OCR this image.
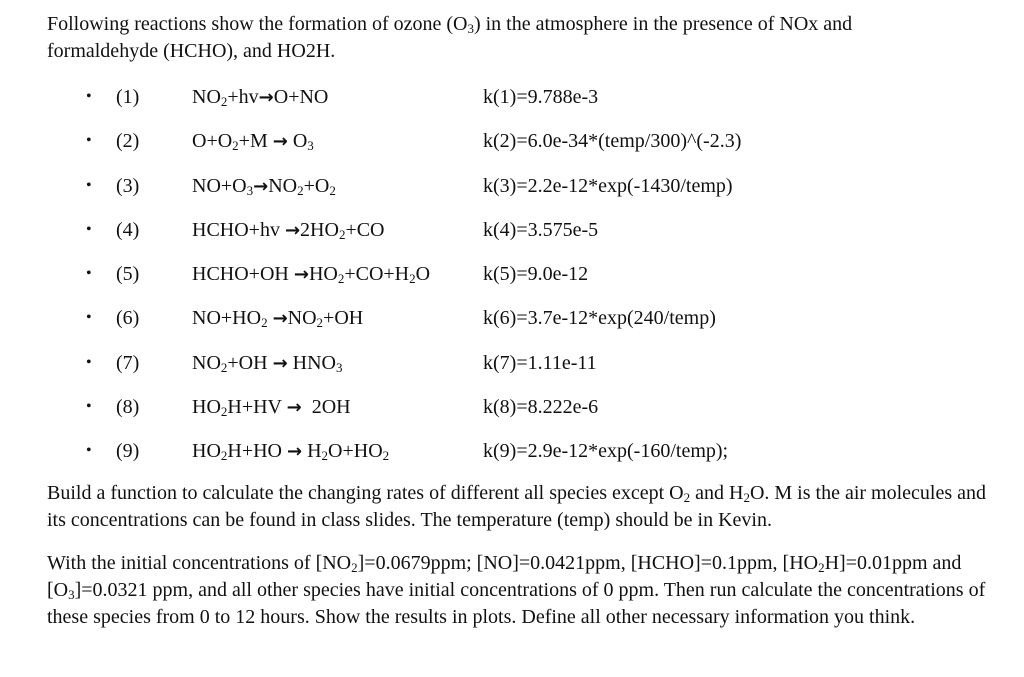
Following reactions show the formation of ozone $(O_3)$ in the atmosphere in the presence of NOx and
formaldehyde (HCHO), and HO2H.

• (1)	$NO_2+hv\to O+NO$	k(1)=9.788e-3
• (2)	$O+O_2+M \to O_3$	k(2)=6.0e-34*(temp/300)^(-2.3)
• (3)	$NO+O_3\to NO_2+O_2$	k(3)=2.2e-12*exp(-1430/temp)
• (4)	HCHO+hv $\to 2HO_2+CO$	k(4)=3.575e-5
• (5)	HCHO+OH $\to HO_2+CO+H_2O$	k(5)=9.0e-12
• (6)	$NO+HO_2 \to NO_2+OH$	k(6)=3.7e-12*exp(240/temp)
• (7)	$NO_2+OH \to HNO_3$	k(7)=1.11e-11
• (8)	$HO_2H+HV \to 2OH$	k(8)=8.222e-6
• (9)	$HO_2H+HO \to H_2O+HO_2$	k(9)=2.9e-12*exp(-160/temp);

Build a function to calculate the changing rates of different all species except $O_2$ and $H_2O$. M is the air molecules and its concentrations can be found in class slides. The temperature (temp) should be in Kevin.

With the initial concentrations of $[NO_2]=0.0679ppm$; [NO]=0.0421ppm, [HCHO]=0.1ppm, $[HO_2H]=0.01ppm$ and $[O_3]=0.0321$ ppm, and all other species have initial concentrations of 0 ppm. Then run calculate the concentrations of these species from 0 to 12 hours. Show the results in plots. Define all other necessary information you think.
